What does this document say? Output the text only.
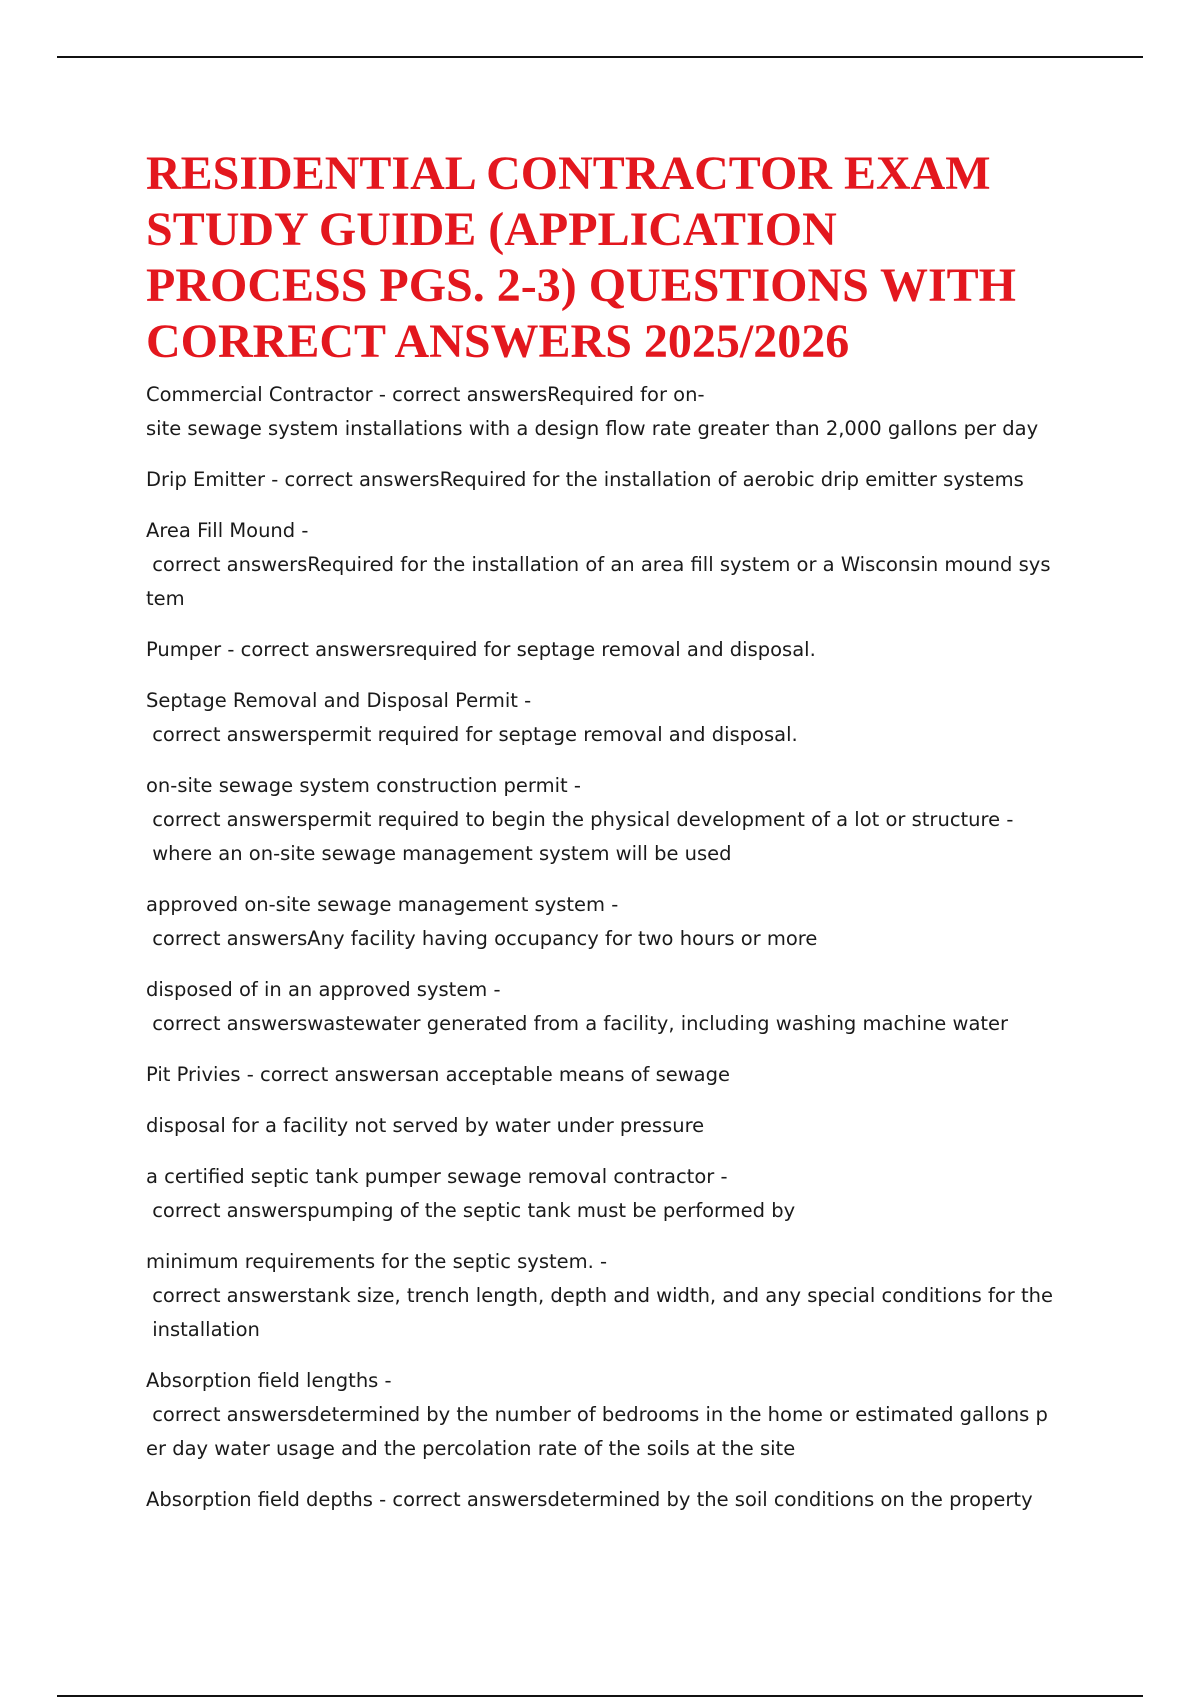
RESIDENTIAL CONTRACTOR EXAM STUDY GUIDE (APPLICATION PROCESS PGS. 2-3) QUESTIONS WITH CORRECT ANSWERS 2025/2026
Commercial Contractor - correct answersRequired for on-
site sewage system installations with a design flow rate greater than 2,000 gallons per day
Drip Emitter - correct answersRequired for the installation of aerobic drip emitter systems
Area Fill Mound -
correct answersRequired for the installation of an area fill system or a Wisconsin mound sys
tem
Pumper - correct answersrequired for septage removal and disposal.
Septage Removal and Disposal Permit -
correct answerspermit required for septage removal and disposal.
on-site sewage system construction permit -
correct answerspermit required to begin the physical development of a lot or structure -
where an on-site sewage management system will be used
approved on-site sewage management system -
correct answersAny facility having occupancy for two hours or more
disposed of in an approved system -
correct answerswastewater generated from a facility, including washing machine water
Pit Privies - correct answersan acceptable means of sewage
disposal for a facility not served by water under pressure
a certified septic tank pumper sewage removal contractor -
correct answerspumping of the septic tank must be performed by
minimum requirements for the septic system. -
correct answerstank size, trench length, depth and width, and any special conditions for the
installation
Absorption field lengths -
correct answersdetermined by the number of bedrooms in the home or estimated gallons p
er day water usage and the percolation rate of the soils at the site
Absorption field depths - correct answersdetermined by the soil conditions on the property
